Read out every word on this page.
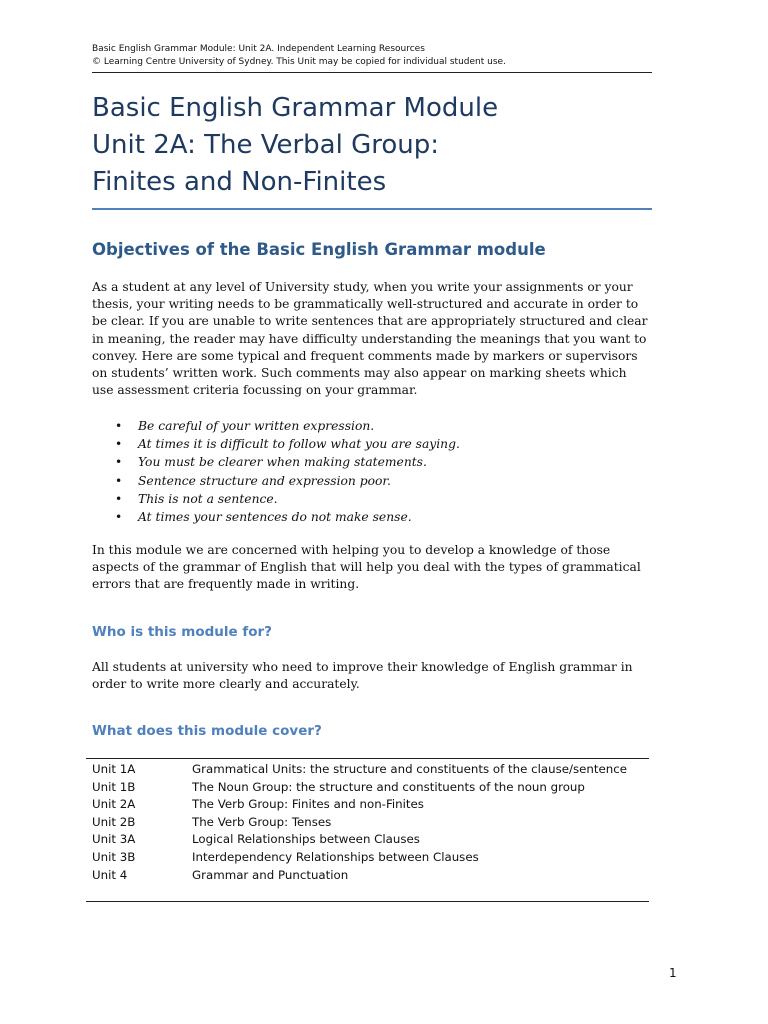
Basic English Grammar Module: Unit 2A. Independent Learning Resources
© Learning Centre University of Sydney. This Unit may be copied for individual student use.
Basic English Grammar Module
Unit 2A: The Verbal Group:
Finites and Non-Finites
Objectives of the Basic English Grammar module
As a student at any level of University study, when you write your assignments or your
thesis, your writing needs to be grammatically well-structured and accurate in order to
be clear. If you are unable to write sentences that are appropriately structured and clear
in meaning, the reader may have difficulty understanding the meanings that you want to
convey. Here are some typical and frequent comments made by markers or supervisors
on students’ written work. Such comments may also appear on marking sheets which
use assessment criteria focussing on your grammar.
• Be careful of your written expression.
• At times it is difficult to follow what you are saying.
• You must be clearer when making statements.
• Sentence structure and expression poor.
• This is not a sentence.
• At times your sentences do not make sense.
In this module we are concerned with helping you to develop a knowledge of those
aspects of the grammar of English that will help you deal with the types of grammatical
errors that are frequently made in writing.
Who is this module for?
All students at university who need to improve their knowledge of English grammar in
order to write more clearly and accurately.
What does this module cover?
Unit 1A	Grammatical Units: the structure and constituents of the clause/sentence
Unit 1B	The Noun Group: the structure and constituents of the noun group
Unit 2A	The Verb Group: Finites and non-Finites
Unit 2B	The Verb Group: Tenses
Unit 3A	Logical Relationships between Clauses
Unit 3B	Interdependency Relationships between Clauses
Unit 4	Grammar and Punctuation
1
